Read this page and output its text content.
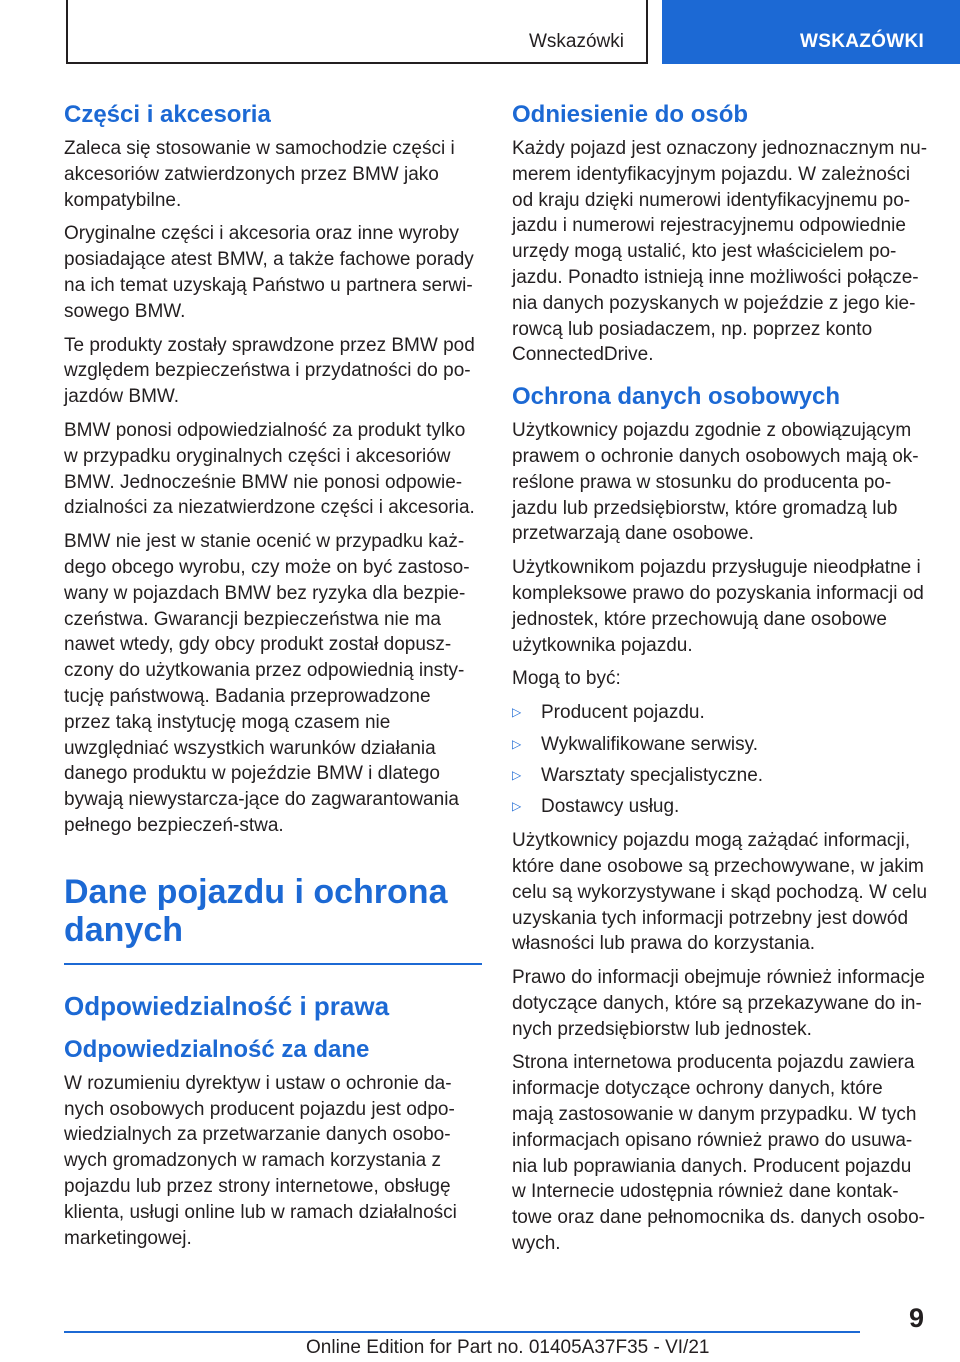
Wskazówki	WSKAZÓWKI
Części i akcesoria

Zaleca się stosowanie w samochodzie części i akcesoriów zatwierdzonych przez BMW jako kompatybilne.

Oryginalne części i akcesoria oraz inne wyroby posiadające atest BMW, a także fachowe porady na ich temat uzyskają Państwo u partnera serwi‐sowego BMW.

Te produkty zostały sprawdzone przez BMW pod względem bezpieczeństwa i przydatności do po‐jazdów BMW.

BMW ponosi odpowiedzialność za produkt tylko w przypadku oryginalnych części i akcesoriów BMW. Jednocześnie BMW nie ponosi odpowie‐dzialności za niezatwierdzone części i akcesoria.

BMW nie jest w stanie ocenić w przypadku każ‐dego obcego wyrobu, czy może on być zastoso‐wany w pojazdach BMW bez ryzyka dla bezpie‐czeństwa. Gwarancji bezpieczeństwa nie ma nawet wtedy, gdy obcy produkt został dopusz‐czony do użytkowania przez odpowiednią insty‐tucję państwową. Badania przeprowadzone przez taką instytucję mogą czasem nie uwzględniać wszystkich warunków działania danego produktu w pojeździe BMW i dlatego bywają niewystarcza‐jące do zagwarantowania pełnego bezpieczeń‐stwa.

Dane pojazdu i ochrona danych
Odpowiedzialność i prawa
Odpowiedzialność za dane

W rozumieniu dyrektyw i ustaw o ochronie da‐nych osobowych producent pojazdu jest odpo‐wiedzialnych za przetwarzanie danych osobo‐wych gromadzonych w ramach korzystania z pojazdu lub przez strony internetowe, obsługę klienta, usługi online lub w ramach działalności marketingowej.

Odniesienie do osób

Każdy pojazd jest oznaczony jednoznacznym nu‐merem identyfikacyjnym pojazdu. W zależności od kraju dzięki numerowi identyfikacyjnemu po‐jazdu i numerowi rejestracyjnemu odpowiednie urzędy mogą ustalić, kto jest właścicielem po‐jazdu. Ponadto istnieją inne możliwości połącze‐nia danych pozyskanych w pojeździe z jego kie‐rowcą lub posiadaczem, np. poprzez konto ConnectedDrive.

Ochrona danych osobowych

Użytkownicy pojazdu zgodnie z obowiązującym prawem o ochronie danych osobowych mają ok‐reślone prawa w stosunku do producenta po‐jazdu lub przedsiębiorstw, które gromadzą lub przetwarzają dane osobowe.

Użytkownikom pojazdu przysługuje nieodpłatne i kompleksowe prawo do pozyskania informacji od jednostek, które przechowują dane osobowe użytkownika pojazdu.

Mogą to być:

▷ Producent pojazdu.
▷ Wykwalifikowane serwisy.
▷ Warsztaty specjalistyczne.
▷ Dostawcy usług.

Użytkownicy pojazdu mogą zażądać informacji, które dane osobowe są przechowywane, w jakim celu są wykorzystywane i skąd pochodzą. W celu uzyskania tych informacji potrzebny jest dowód własności lub prawa do korzystania.

Prawo do informacji obejmuje również informacje dotyczące danych, które są przekazywane do in‐nych przedsiębiorstw lub jednostek.

Strona internetowa producenta pojazdu zawiera informacje dotyczące ochrony danych, które mają zastosowanie w danym przypadku. W tych informacjach opisano również prawo do usuwa‐nia lub poprawiania danych. Producent pojazdu w Internecie udostępnia również dane kontak‐towe oraz dane pełnomocnika ds. danych osobo‐wych.

9
Online Edition for Part no. 01405A37F35 - VI/21
